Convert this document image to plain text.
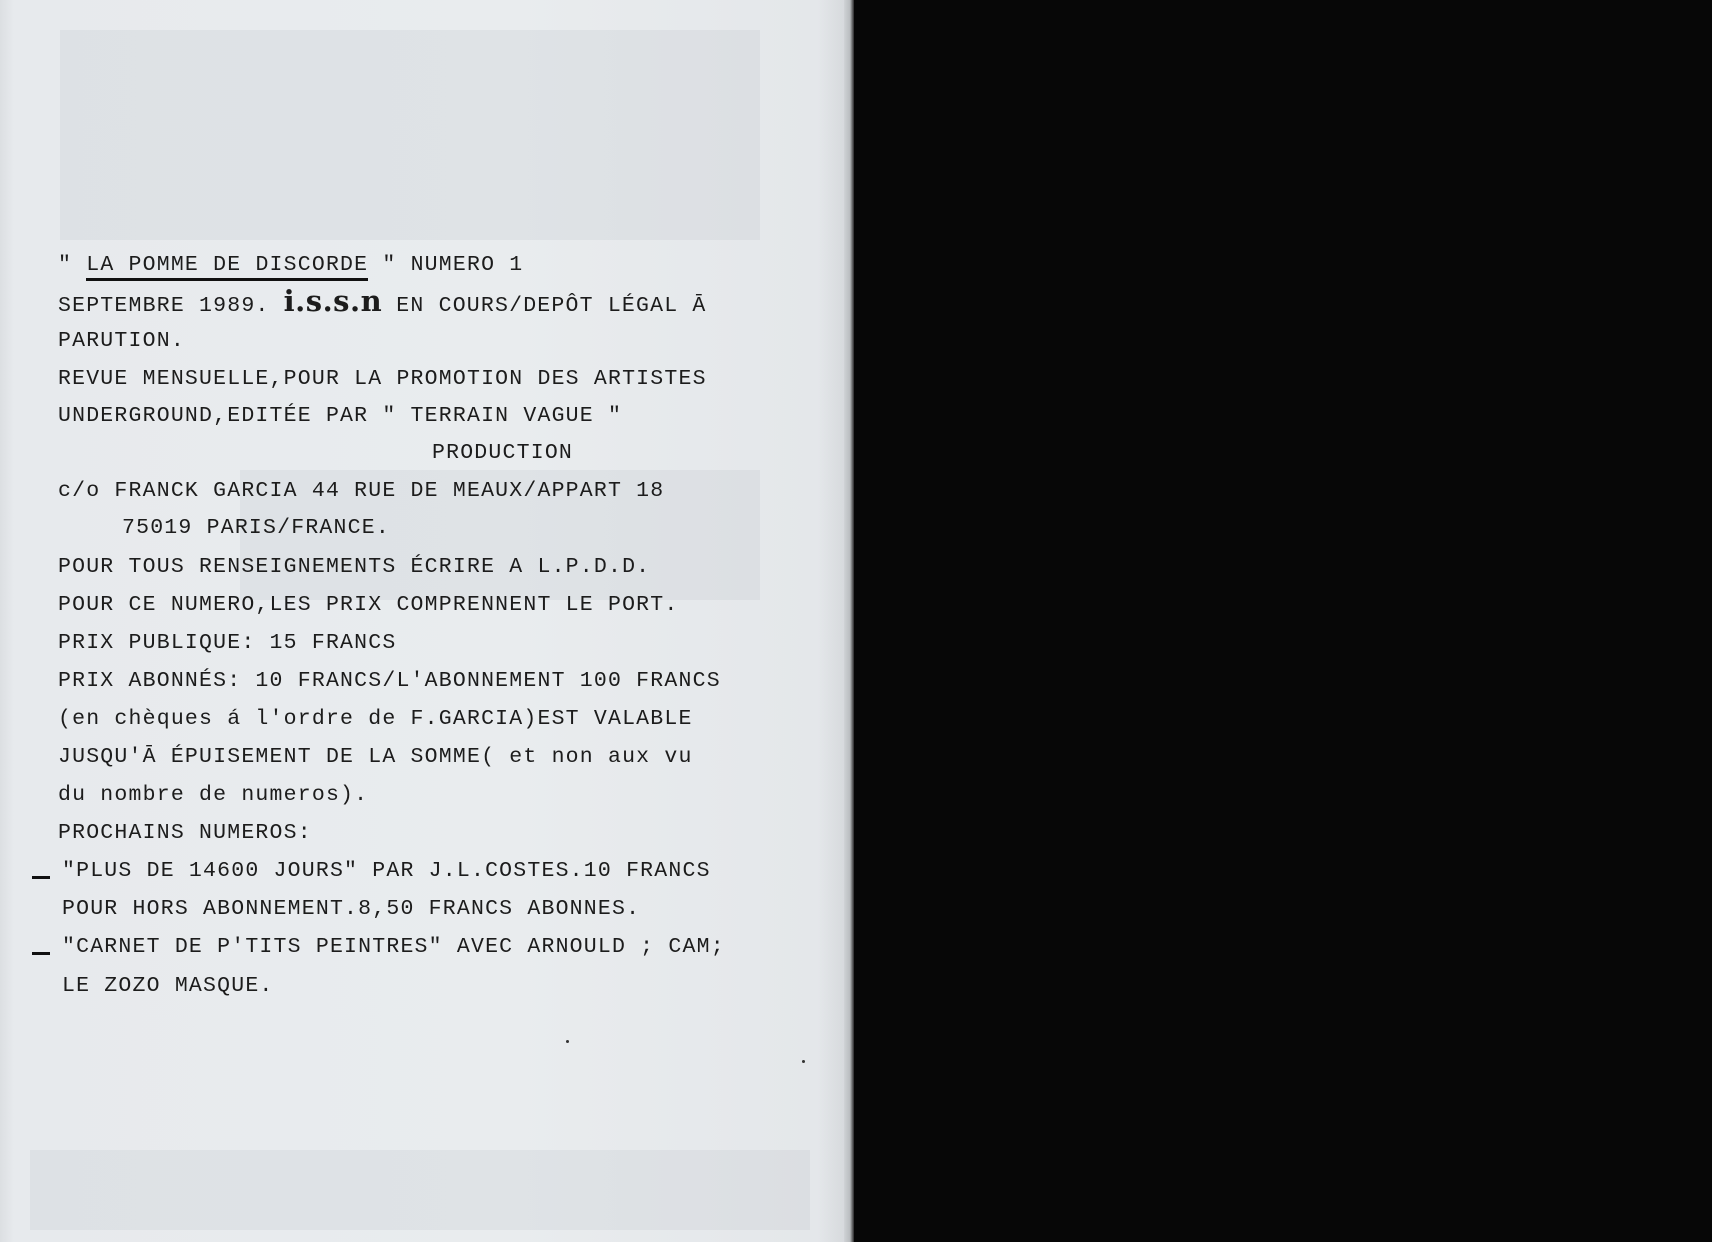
" LA POMME DE DISCORDE " NUMERO 1
SEPTEMBRE 1989. i.s.s.n EN COURS/DEPÔT LÉGAL Ā
PARUTION.
REVUE MENSUELLE,POUR LA PROMOTION DES ARTISTES
UNDERGROUND,EDITÉE PAR " TERRAIN VAGUE "
PRODUCTION
c/o FRANCK GARCIA 44 RUE DE MEAUX/APPART 18
75019 PARIS/FRANCE.
POUR TOUS RENSEIGNEMENTS ÉCRIRE A L.P.D.D.
POUR CE NUMERO,LES PRIX COMPRENNENT LE PORT.
PRIX PUBLIQUE: 15 FRANCS
PRIX ABONNÉS: 10 FRANCS/L'ABONNEMENT 100 FRANCS
(en chèques á l'ordre de F.GARCIA)EST VALABLE
JUSQU'Ā ÉPUISEMENT DE LA SOMME( et non aux vu
du nombre de numeros).
PROCHAINS NUMEROS:
"PLUS DE 14600 JOURS" PAR J.L.COSTES.10 FRANCS
POUR HORS ABONNEMENT.8,50 FRANCS ABONNES.
"CARNET DE P'TITS PEINTRES" AVEC ARNOULD ; CAM;
LE ZOZO MASQUE.
